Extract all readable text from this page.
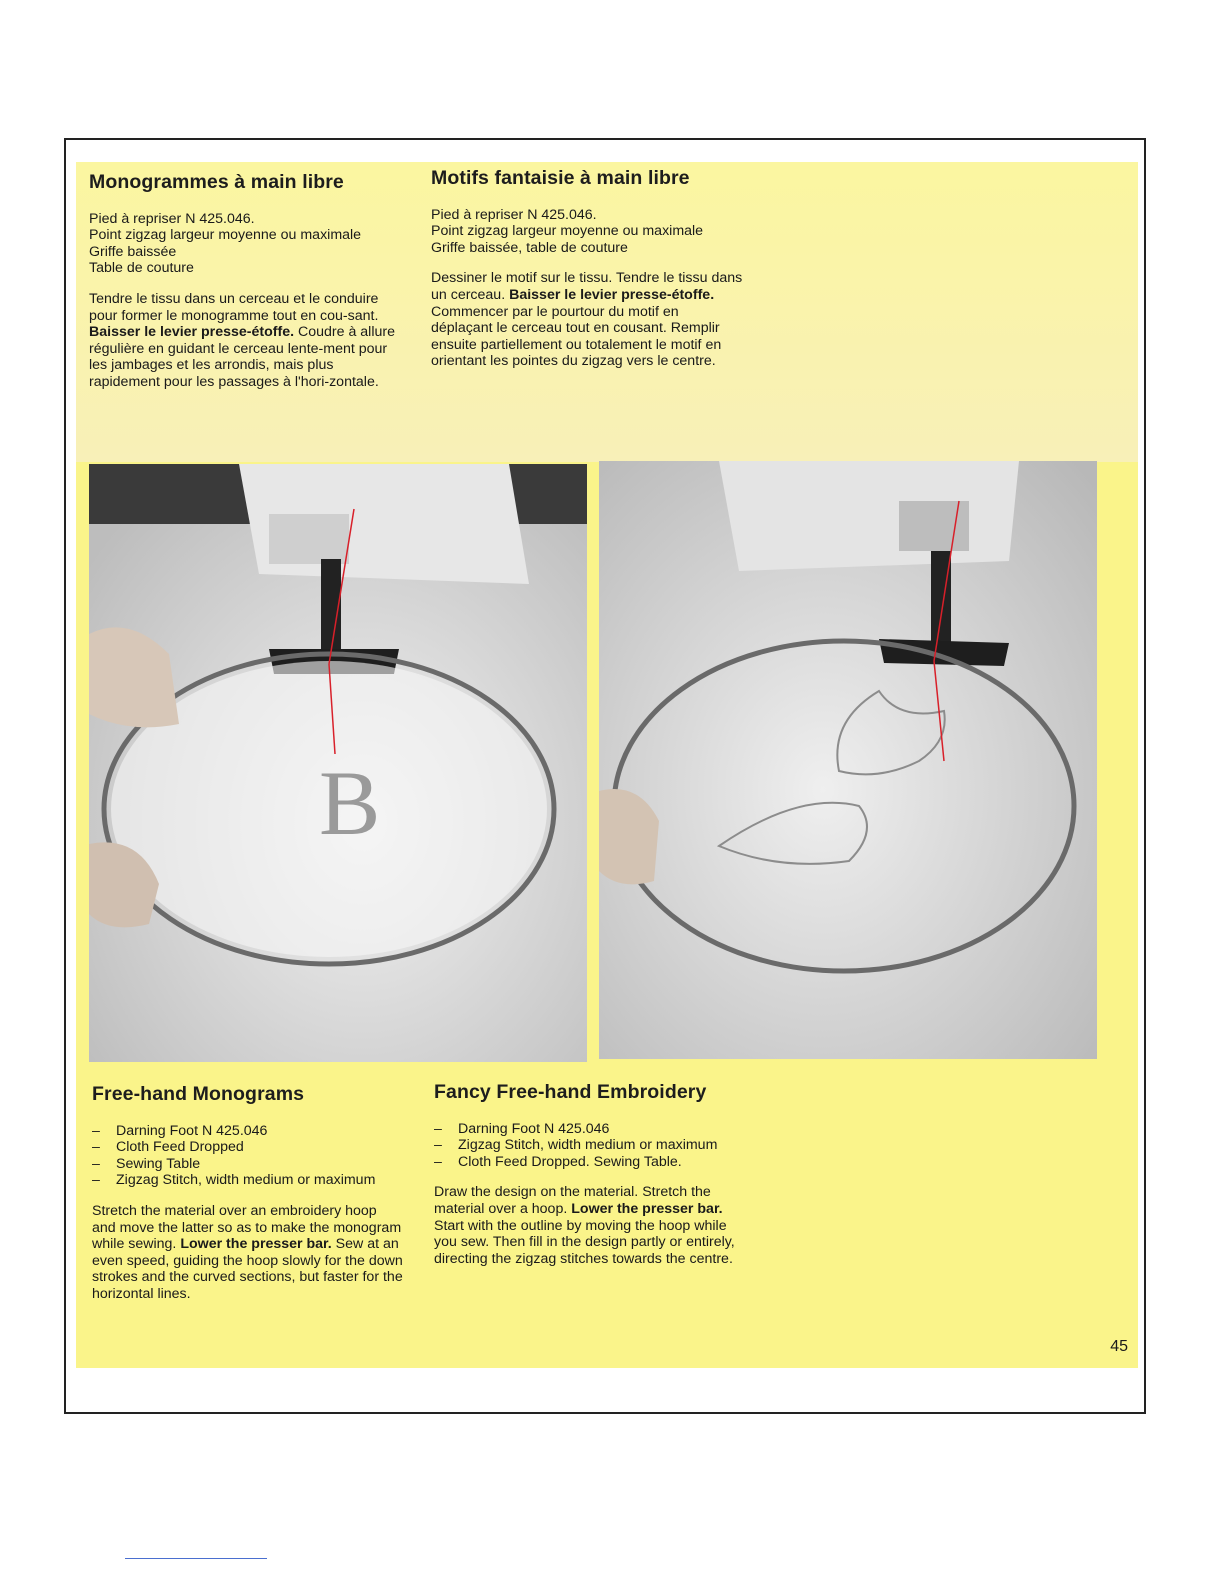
Monogrammes à main libre

Pied à repriser N 425.046.

Point zigzag largeur moyenne ou maximale

Griffe baissée

Table de couture

Tendre le tissu dans un cerceau et le conduire pour former le monogramme tout en cou-sant. Baisser le levier presse-étoffe. Coudre à allure régulière en guidant le cerceau lente-ment pour les jambages et les arrondis, mais plus rapidement pour les passages à l'hori-zontale.

Motifs fantaisie à main libre

Pied à repriser N 425.046.

Point zigzag largeur moyenne ou maximale

Griffe baissée, table de couture

Dessiner le motif sur le tissu. Tendre le tissu dans un cerceau. Baisser le levier presse-étoffe. Commencer par le pourtour du motif en déplaçant le cerceau tout en cousant. Remplir ensuite partiellement ou totalement le motif en orientant les pointes du zigzag vers le centre.

B
Free-hand Monograms
– Darning Foot N 425.046
– Cloth Feed Dropped
– Sewing Table
– Zigzag Stitch, width medium or maximum

Stretch the material over an embroidery hoop and move the latter so as to make the monogram while sewing. Lower the presser bar. Sew at an even speed, guiding the hoop slowly for the down strokes and the curved sections, but faster for the horizontal lines.

Fancy Free-hand Embroidery
– Darning Foot N 425.046
– Zigzag Stitch, width medium or maximum
– Cloth Feed Dropped. Sewing Table.

Draw the design on the material. Stretch the material over a hoop. Lower the presser bar. Start with the outline by moving the hoop while you sew. Then fill in the design partly or entirely, directing the zigzag stitches towards the centre.

45
